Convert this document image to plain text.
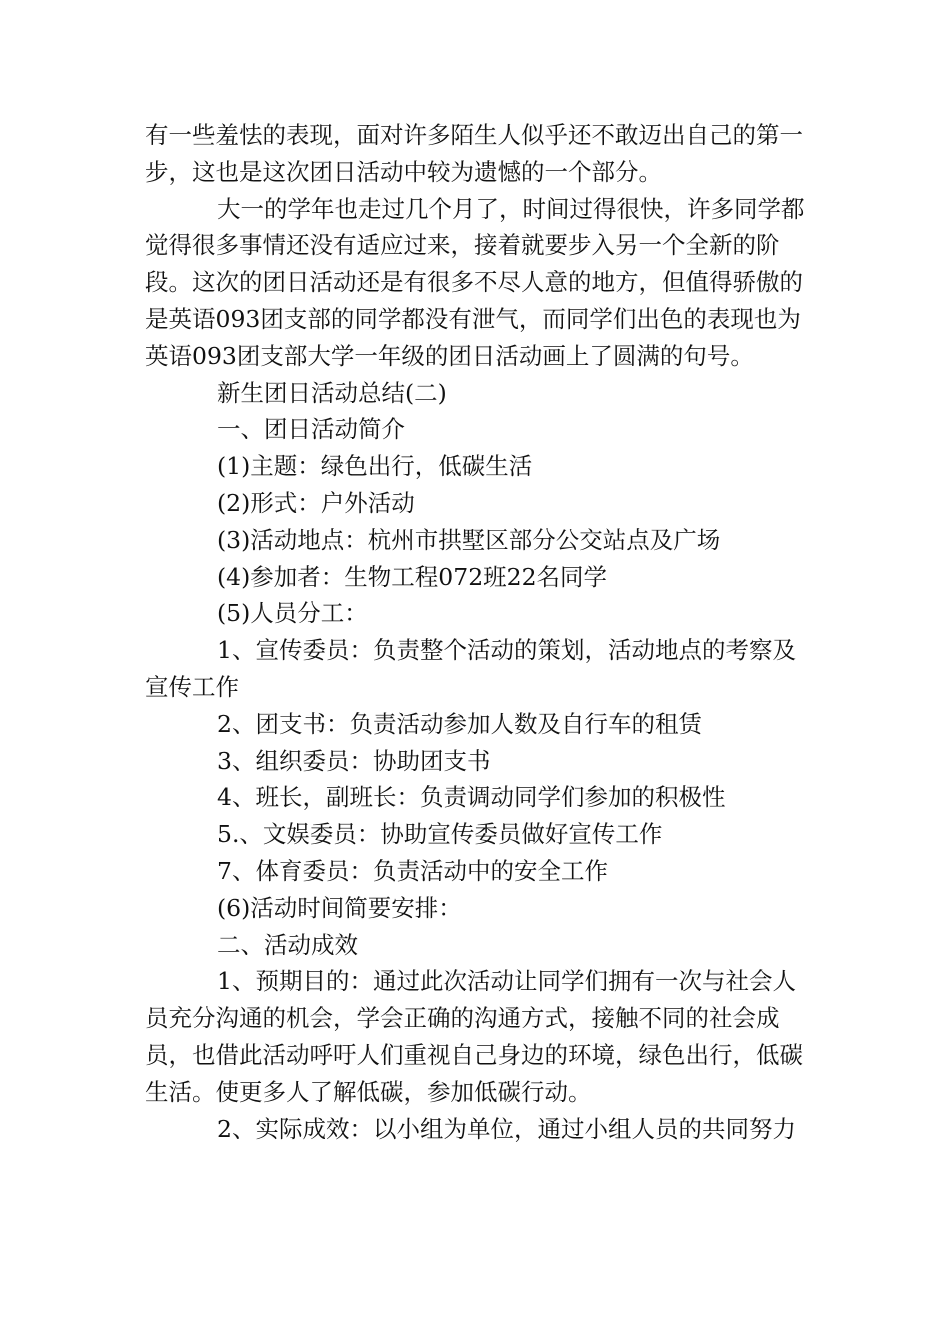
有一些羞怯的表现，面对许多陌生人似乎还不敢迈出自己的第一步，这也是这次团日活动中较为遗憾的一个部分。

大一的学年也走过几个月了，时间过得很快，许多同学都觉得很多事情还没有适应过来，接着就要步入另一个全新的阶段。这次的团日活动还是有很多不尽人意的地方，但值得骄傲的是英语093团支部的同学都没有泄气，而同学们出色的表现也为英语093团支部大学一年级的团日活动画上了圆满的句号。

新生团日活动总结(二)

一、团日活动简介

(1)主题：绿色出行，低碳生活

(2)形式：户外活动

(3)活动地点：杭州市拱墅区部分公交站点及广场

(4)参加者：生物工程072班22名同学

(5)人员分工：

1、宣传委员：负责整个活动的策划，活动地点的考察及宣传工作

2、团支书：负责活动参加人数及自行车的租赁

3、组织委员：协助团支书

4、班长，副班长：负责调动同学们参加的积极性

5.、文娱委员：协助宣传委员做好宣传工作

7、体育委员：负责活动中的安全工作

(6)活动时间简要安排：

二、活动成效

1、预期目的：通过此次活动让同学们拥有一次与社会人员充分沟通的机会，学会正确的沟通方式，接触不同的社会成员，也借此活动呼吁人们重视自己身边的环境，绿色出行，低碳生活。使更多人了解低碳，参加低碳行动。

2、实际成效：以小组为单位，通过小组人员的共同努力
